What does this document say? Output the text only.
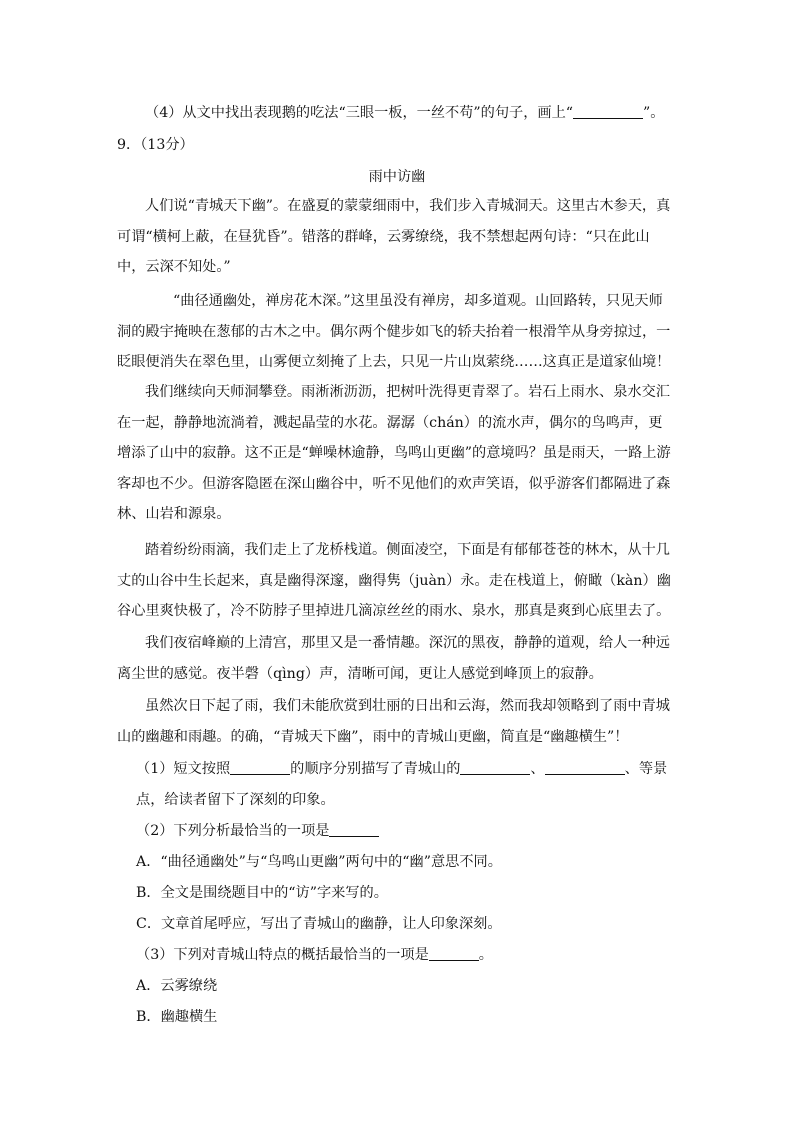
（4）从文中找出表现鹅的吃法“三眼一板，一丝不苟”的句子，画上“	”。

9．（13分）

雨中访幽

人们说“青城天下幽”。在盛夏的蒙蒙细雨中，我们步入青城洞天。这里古木参天，真可谓“横柯上蔽，在昼犹昏”。错落的群峰，云雾缭绕，我不禁想起两句诗：“只在此山中，云深不知处。”

“曲径通幽处，禅房花木深。”这里虽没有禅房，却多道观。山回路转，只见天师洞的殿宇掩映在葱郁的古木之中。偶尔两个健步如飞的轿夫抬着一根滑竿从身旁掠过，一眨眼便消失在翠色里，山雾便立刻掩了上去，只见一片山岚萦绕……这真正是道家仙境！

我们继续向天师洞攀登。雨淅淅沥沥，把树叶洗得更青翠了。岩石上雨水、泉水交汇在一起，静静地流淌着，溅起晶莹的水花。潺潺（chán）的流水声，偶尔的鸟鸣声，更增添了山中的寂静。这不正是“蝉噪林逾静，鸟鸣山更幽”的意境吗？虽是雨天，一路上游客却也不少。但游客隐匿在深山幽谷中，听不见他们的欢声笑语，似乎游客们都隔进了森林、山岩和源泉。

踏着纷纷雨滴，我们走上了龙桥栈道。侧面凌空，下面是有郁郁苍苍的林木，从十几丈的山谷中生长起来，真是幽得深邃，幽得隽（juàn）永。走在栈道上，俯瞰（kàn）幽谷心里爽快极了，冷不防脖子里掉进几滴凉丝丝的雨水、泉水，那真是爽到心底里去了。

我们夜宿峰巅的上清宫，那里又是一番情趣。深沉的黑夜，静静的道观，给人一种远离尘世的感觉。夜半磬（qìng）声，清晰可闻，更让人感觉到峰顶上的寂静。

虽然次日下起了雨，我们未能欣赏到壮丽的日出和云海，然而我却领略到了雨中青城山的幽趣和雨趣。的确，“青城天下幽”，雨中的青城山更幽，简直是“幽趣横生”！

（1）短文按照	的顺序分别描写了青城山的	、	、等景点，给读者留下了深刻的印象。

（2）下列分析最恰当的一项是

A．“曲径通幽处”与“鸟鸣山更幽”两句中的“幽”意思不同。

B．全文是围绕题目中的“访”字来写的。

C．文章首尾呼应，写出了青城山的幽静，让人印象深刻。

（3）下列对青城山特点的概括最恰当的一项是	。

A．云雾缭绕

B．幽趣横生
